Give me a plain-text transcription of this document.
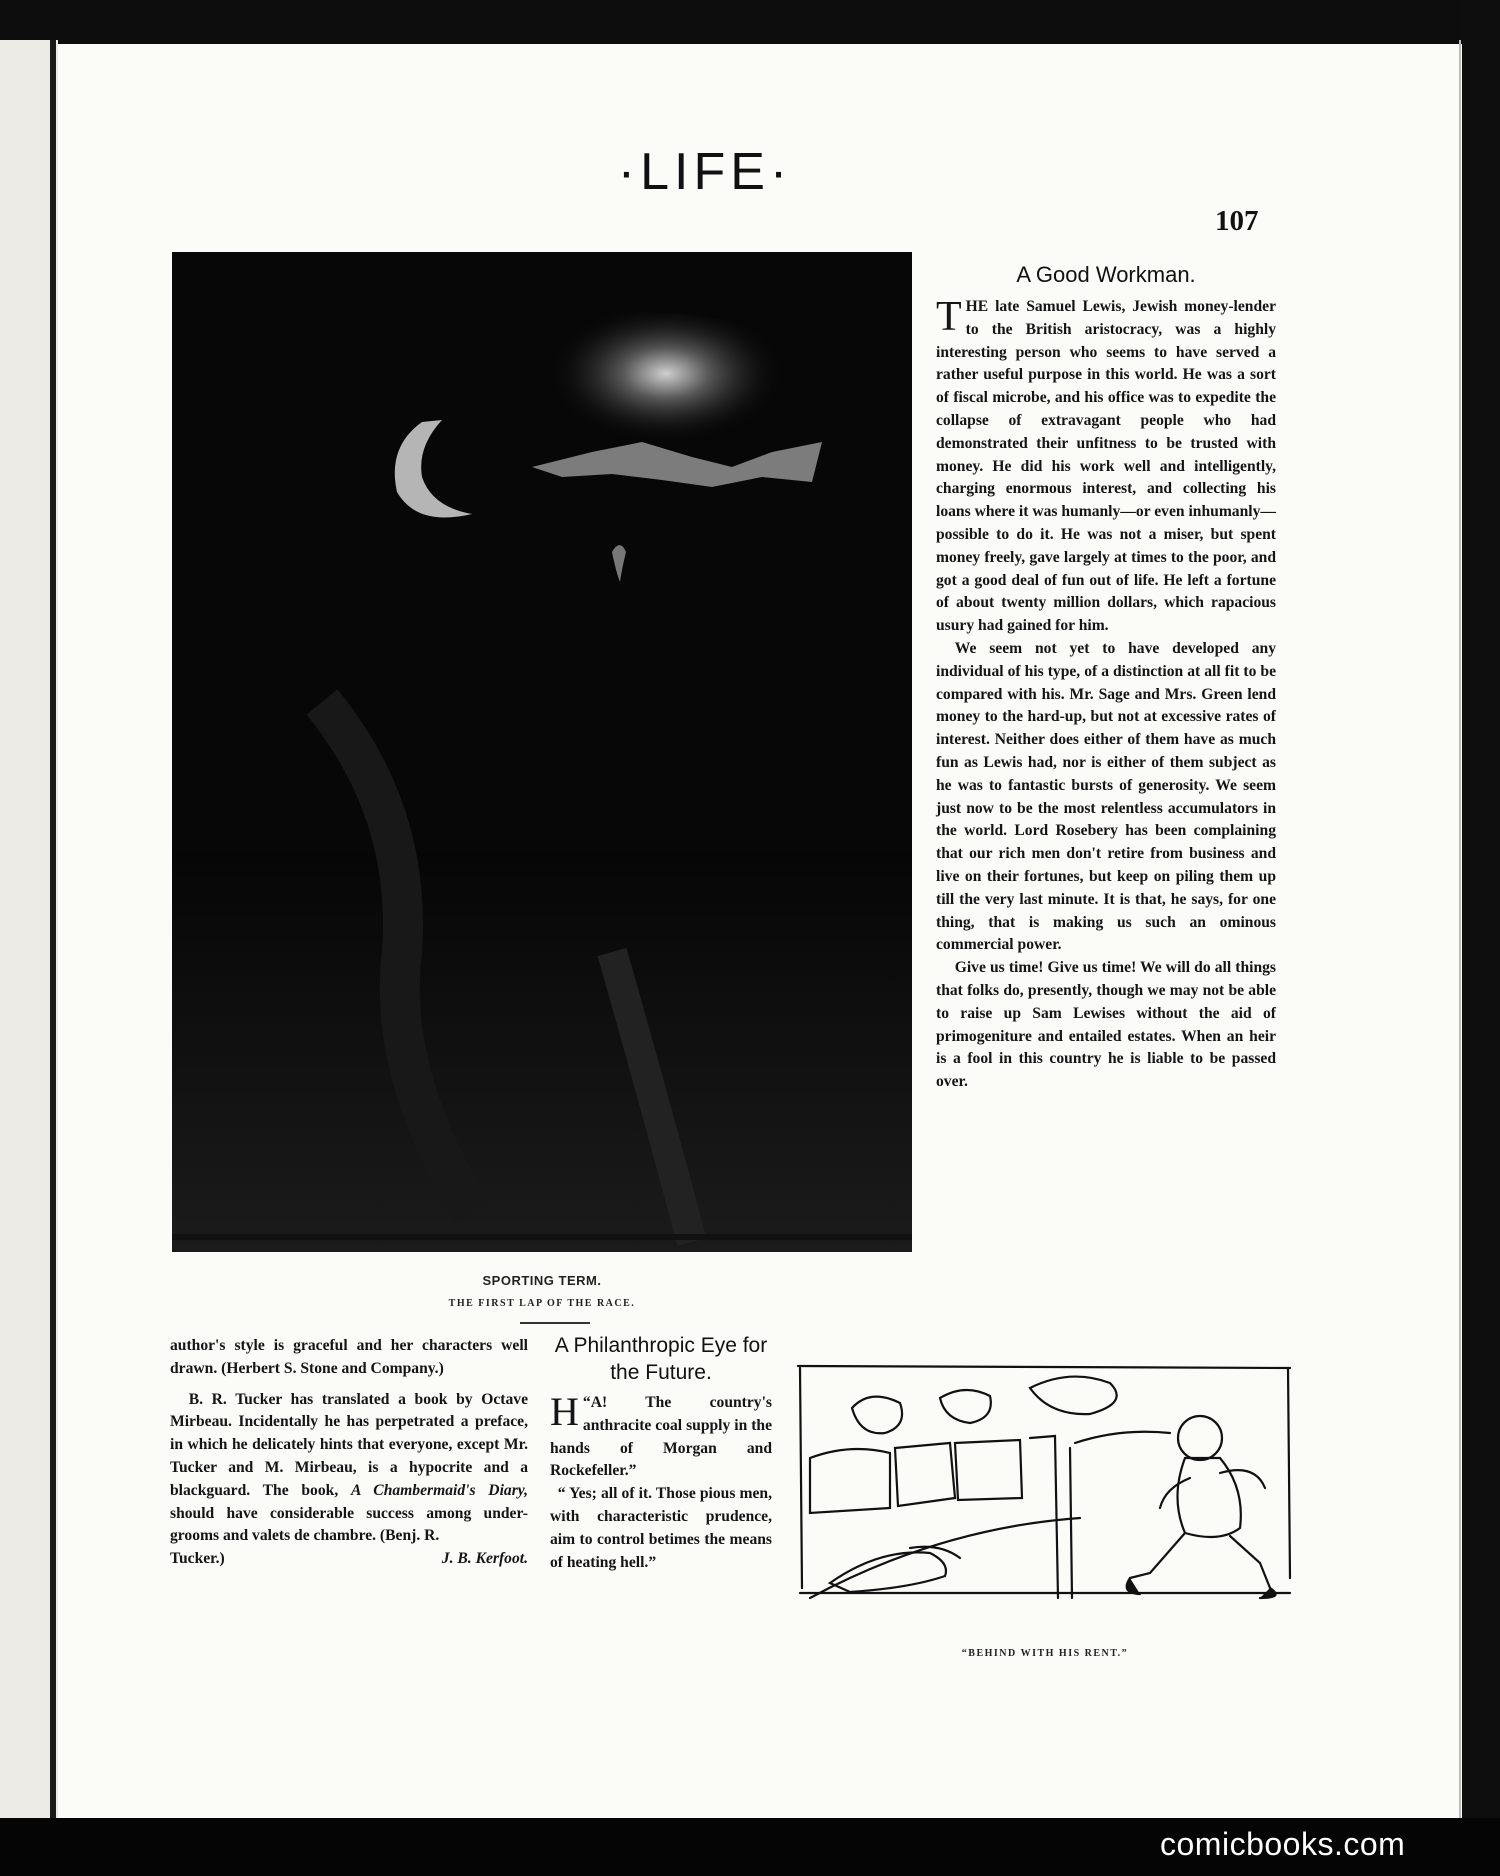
·LIFE·
107
SPORTING TERM.
THE FIRST LAP OF THE RACE.
A Good Workman.

THE late Samuel Lewis, Jewish money-lender to the British aristocracy, was a highly interesting person who seems to have served a rather useful purpose in this world. He was a sort of fiscal microbe, and his office was to expedite the collapse of extravagant people who had demonstrated their unfitness to be trusted with money. He did his work well and intelligently, charging enormous interest, and collecting his loans where it was humanly—or even inhumanly—possible to do it. He was not a miser, but spent money freely, gave largely at times to the poor, and got a good deal of fun out of life. He left a fortune of about twenty million dollars, which rapacious usury had gained for him.

We seem not yet to have developed any individual of his type, of a distinction at all fit to be compared with his. Mr. Sage and Mrs. Green lend money to the hard-up, but not at excessive rates of interest. Neither does either of them have as much fun as Lewis had, nor is either of them subject as he was to fantastic bursts of generosity. We seem just now to be the most relentless accumulators in the world. Lord Rosebery has been complaining that our rich men don't retire from business and live on their fortunes, but keep on piling them up till the very last minute. It is that, he says, for one thing, that is making us such an ominous commercial power.

Give us time! Give us time! We will do all things that folks do, presently, though we may not be able to raise up Sam Lewises without the aid of primogeniture and entailed estates. When an heir is a fool in this country he is liable to be passed over.

author's style is graceful and her characters well drawn. (Herbert S. Stone and Company.)

B. R. Tucker has translated a book by Octave Mirbeau. Incidentally he has perpetrated a preface, in which he delicately hints that everyone, except Mr. Tucker and M. Mirbeau, is a hypocrite and a blackguard. The book, A Chambermaid's Diary, should have considerable success among under-grooms and valets de chambre. (Benj. R.

Tucker.)	J. B. Kerfoot.

A Philanthropic Eye for the Future.

“
H A! The country's anthracite coal supply in the hands of Morgan and Rockefeller.”

“ Yes; all of it. Those pious men, with characteristic prudence, aim to control betimes the means of heating hell.”

“BEHIND WITH HIS RENT.”
comicbooks.com
